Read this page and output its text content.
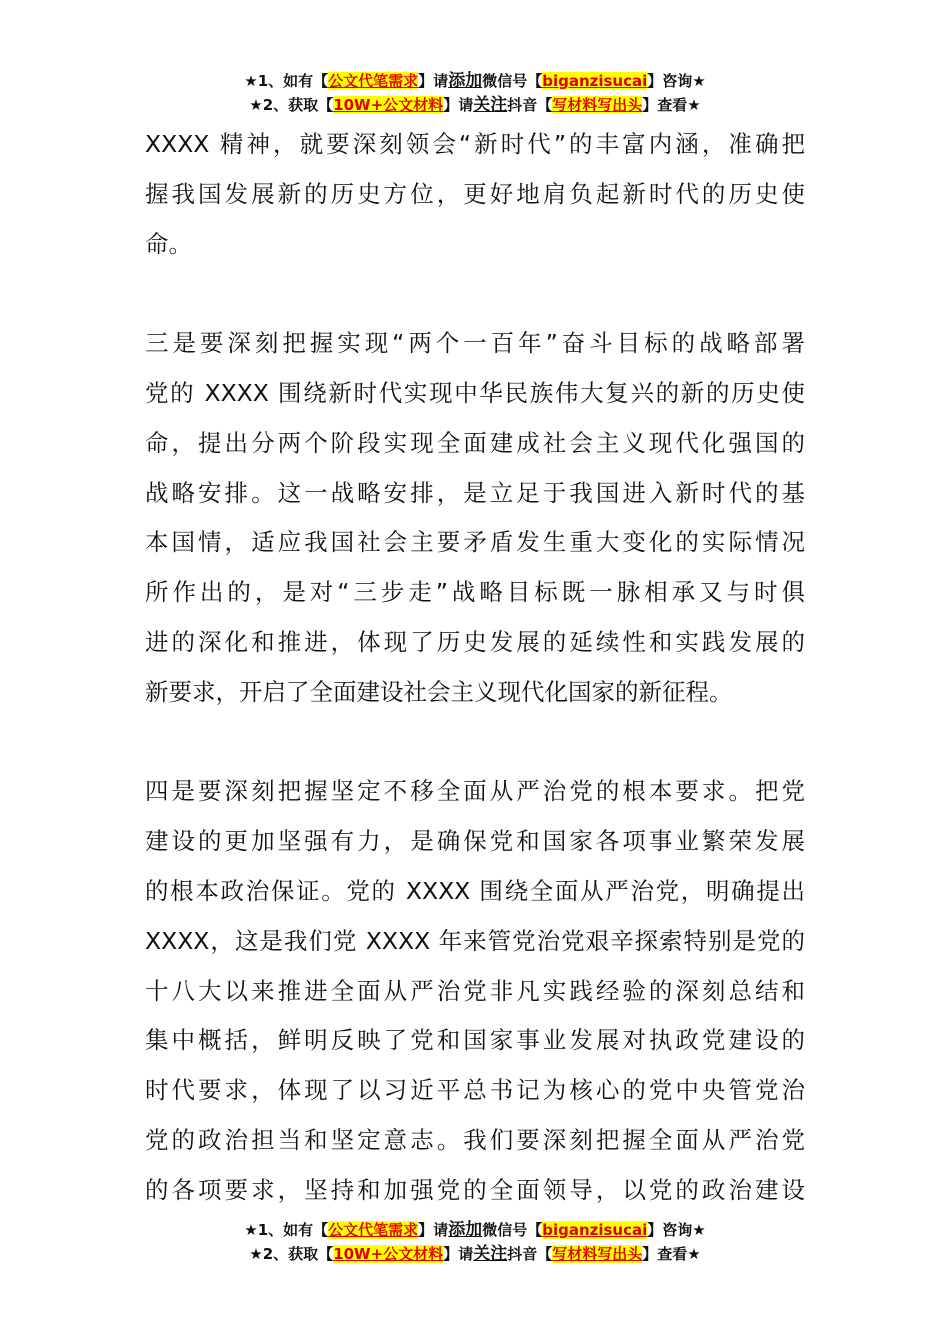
★1、如有【公文代笔需求】请添加微信号【biganzisucai】咨询★
★2、获取【10W+公文材料】请关注抖音【写材料写出头】查看★
XXXX 精神，就要深刻领会“新时代”的丰富内涵，准确把
握我国发展新的历史方位，更好地肩负起新时代的历史使
命。
三是要深刻把握实现“两个一百年”奋斗目标的战略部署
党的 XXXX 围绕新时代实现中华民族伟大复兴的新的历史使
命，提出分两个阶段实现全面建成社会主义现代化强国的
战略安排。这一战略安排，是立足于我国进入新时代的基
本国情，适应我国社会主要矛盾发生重大变化的实际情况
所作出的，是对“三步走”战略目标既一脉相承又与时俱
进的深化和推进，体现了历史发展的延续性和实践发展的
新要求，开启了全面建设社会主义现代化国家的新征程。
四是要深刻把握坚定不移全面从严治党的根本要求。把党
建设的更加坚强有力，是确保党和国家各项事业繁荣发展
的根本政治保证。党的 XXXX 围绕全面从严治党，明确提出
XXXX，这是我们党 XXXX 年来管党治党艰辛探索特别是党的
十八大以来推进全面从严治党非凡实践经验的深刻总结和
集中概括，鲜明反映了党和国家事业发展对执政党建设的
时代要求，体现了以习近平总书记为核心的党中央管党治
党的政治担当和坚定意志。我们要深刻把握全面从严治党
的各项要求，坚持和加强党的全面领导，以党的政治建设
★1、如有【公文代笔需求】请添加微信号【biganzisucai】咨询★
★2、获取【10W+公文材料】请关注抖音【写材料写出头】查看★
